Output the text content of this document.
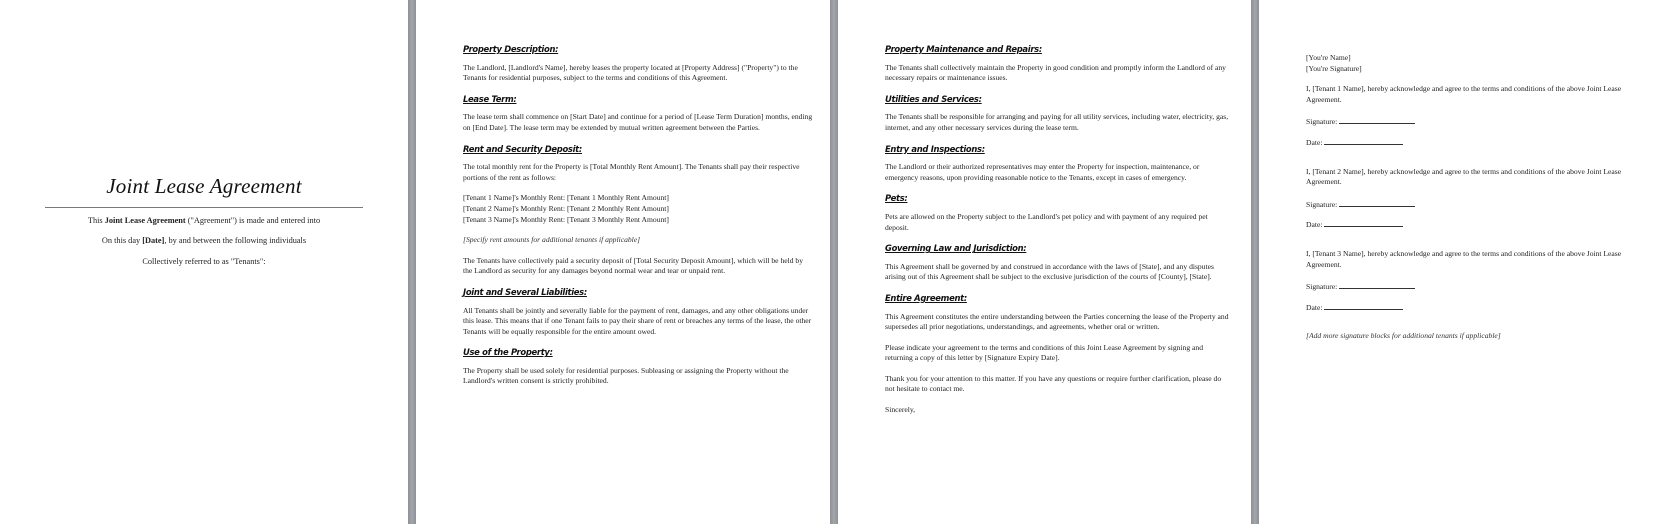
Joint Lease Agreement
This Joint Lease Agreement ("Agreement") is made and entered into
On this day [Date], by and between the following individuals
Collectively referred to as "Tenants":
Property Description:
The Landlord, [Landlord's Name], hereby leases the property located at [Property Address] ("Property") to the Tenants for residential purposes, subject to the terms and conditions of this Agreement.
Lease Term:
The lease term shall commence on [Start Date] and continue for a period of [Lease Term Duration] months, ending on [End Date]. The lease term may be extended by mutual written agreement between the Parties.
Rent and Security Deposit:
The total monthly rent for the Property is [Total Monthly Rent Amount]. The Tenants shall pay their respective portions of the rent as follows:
[Tenant 1 Name]'s Monthly Rent: [Tenant 1 Monthly Rent Amount]
[Tenant 2 Name]'s Monthly Rent: [Tenant 2 Monthly Rent Amount]
[Tenant 3 Name]'s Monthly Rent: [Tenant 3 Monthly Rent Amount]
[Specify rent amounts for additional tenants if applicable]
The Tenants have collectively paid a security deposit of [Total Security Deposit Amount], which will be held by the Landlord as security for any damages beyond normal wear and tear or unpaid rent.
Joint and Several Liabilities:
All Tenants shall be jointly and severally liable for the payment of rent, damages, and any other obligations under this lease. This means that if one Tenant fails to pay their share of rent or breaches any terms of the lease, the other Tenants will be equally responsible for the entire amount owed.
Use of the Property:
The Property shall be used solely for residential purposes. Subleasing or assigning the Property without the Landlord's written consent is strictly prohibited.
Property Maintenance and Repairs:
The Tenants shall collectively maintain the Property in good condition and promptly inform the Landlord of any necessary repairs or maintenance issues.
Utilities and Services:
The Tenants shall be responsible for arranging and paying for all utility services, including water, electricity, gas, internet, and any other necessary services during the lease term.
Entry and Inspections:
The Landlord or their authorized representatives may enter the Property for inspection, maintenance, or emergency reasons, upon providing reasonable notice to the Tenants, except in cases of emergency.
Pets:
Pets are allowed on the Property subject to the Landlord's pet policy and with payment of any required pet deposit.
Governing Law and Jurisdiction:
This Agreement shall be governed by and construed in accordance with the laws of [State], and any disputes arising out of this Agreement shall be subject to the exclusive jurisdiction of the courts of [County], [State].
Entire Agreement:
This Agreement constitutes the entire understanding between the Parties concerning the lease of the Property and supersedes all prior negotiations, understandings, and agreements, whether oral or written.
Please indicate your agreement to the terms and conditions of this Joint Lease Agreement by signing and returning a copy of this letter by [Signature Expiry Date].
Thank you for your attention to this matter. If you have any questions or require further clarification, please do not hesitate to contact me.
Sincerely,
[You're Name]
[You're Signature]
I, [Tenant 1 Name], hereby acknowledge and agree to the terms and conditions of the above Joint Lease Agreement.
Signature:
Date:
I, [Tenant 2 Name], hereby acknowledge and agree to the terms and conditions of the above Joint Lease Agreement.
Signature:
Date:
I, [Tenant 3 Name], hereby acknowledge and agree to the terms and conditions of the above Joint Lease Agreement.
Signature:
Date:
[Add more signature blocks for additional tenants if applicable]
